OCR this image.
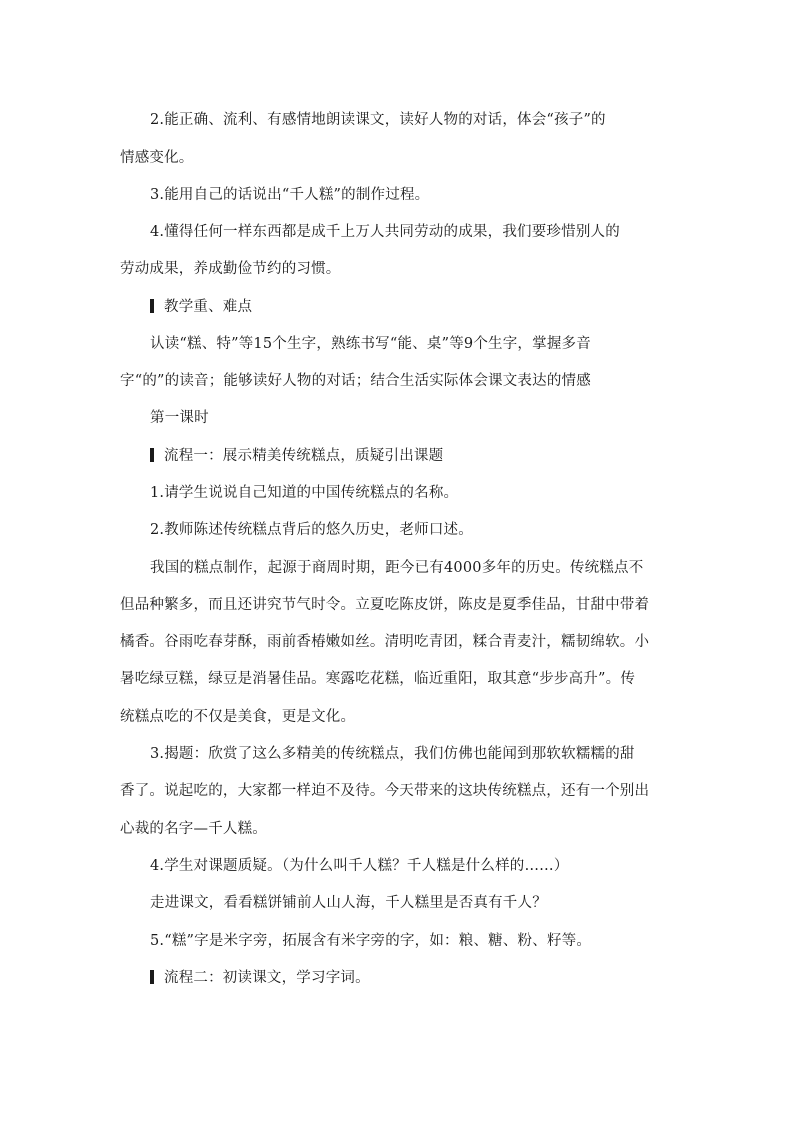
2.能正确、流利、有感情地朗读课文，读好人物的对话，体会“孩子”的
情感变化。
3.能用自己的话说出“千人糕”的制作过程。
4.懂得任何一样东西都是成千上万人共同劳动的成果，我们要珍惜别人的
劳动成果，养成勤俭节约的习惯。
教学重、难点
认读“糕、特”等15个生字，熟练书写“能、桌”等9个生字，掌握多音
字“的”的读音；能够读好人物的对话；结合生活实际体会课文表达的情感
第一课时
流程一：展示精美传统糕点，质疑引出课题
1.请学生说说自己知道的中国传统糕点的名称。
2.教师陈述传统糕点背后的悠久历史，老师口述。
我国的糕点制作，起源于商周时期，距今已有4000多年的历史。传统糕点不
但品种繁多，而且还讲究节气时令。立夏吃陈皮饼，陈皮是夏季佳品，甘甜中带着
橘香。谷雨吃春芽酥，雨前香椿嫩如丝。清明吃青团，糅合青麦汁，糯韧绵软。小
暑吃绿豆糕，绿豆是消暑佳品。寒露吃花糕，临近重阳，取其意“步步高升”。传
统糕点吃的不仅是美食，更是文化。
3.揭题：欣赏了这么多精美的传统糕点，我们仿佛也能闻到那软软糯糯的甜
香了。说起吃的，大家都一样迫不及待。今天带来的这块传统糕点，还有一个别出
心裁的名字—千人糕。
4.学生对课题质疑。（为什么叫千人糕？千人糕是什么样的……）
走进课文，看看糕饼铺前人山人海，千人糕里是否真有千人？
5.“糕”字是米字旁，拓展含有米字旁的字，如：粮、糖、粉、籽等。
流程二：初读课文，学习字词。
